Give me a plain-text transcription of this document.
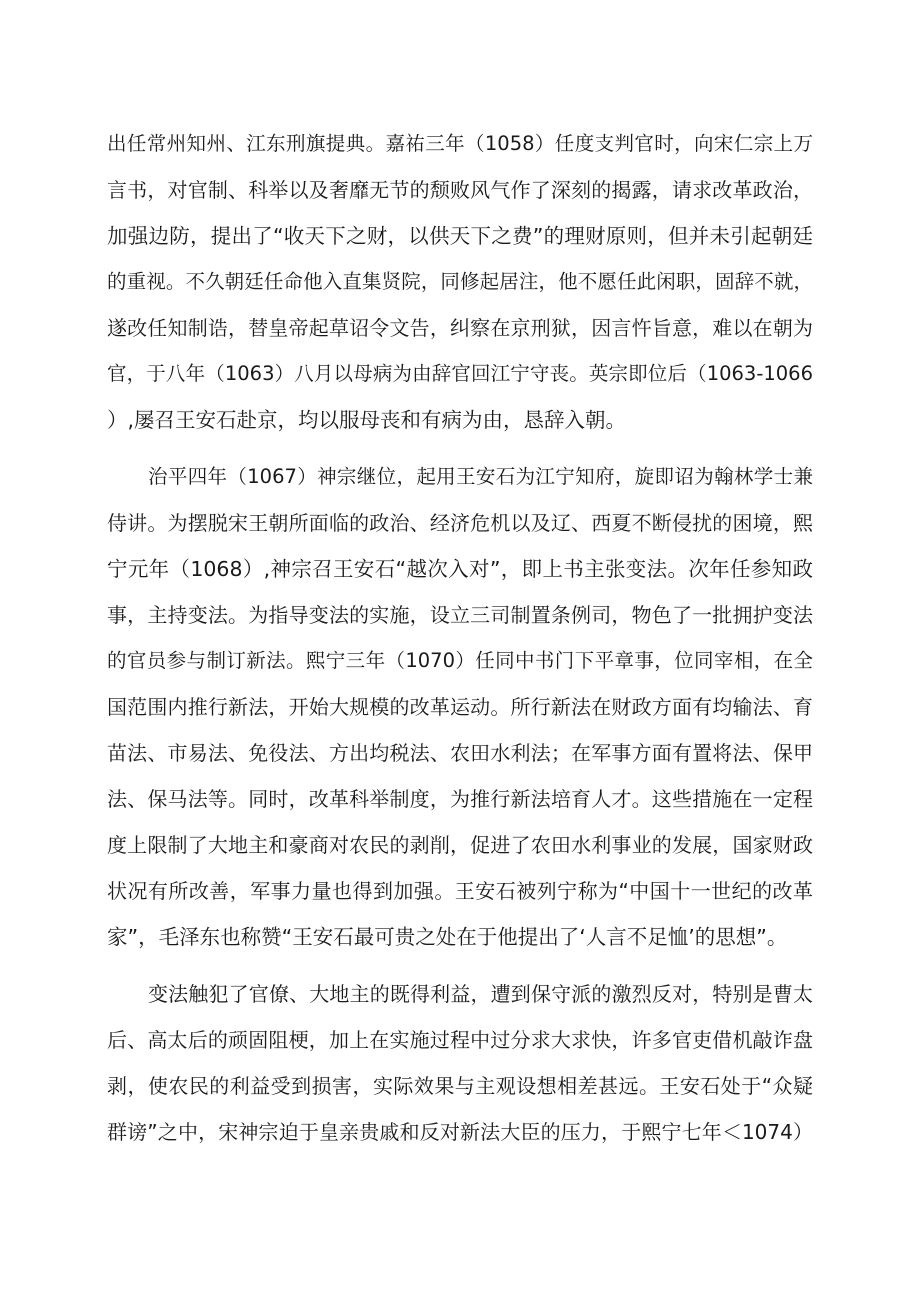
出任常州知州、江东刑旗提典。嘉祐三年（1058）任度支判官时，向宋仁宗上万

言书，对官制、科举以及奢靡无节的颓败风气作了深刻的揭露，请求改革政治，

加强边防，提出了“收天下之财，以供天下之费”的理财原则，但并未引起朝廷

的重视。不久朝廷任命他入直集贤院，同修起居注，他不愿任此闲职，固辞不就，

遂改任知制诰，替皇帝起草诏令文告，纠察在京刑狱，因言忤旨意，难以在朝为

官，于八年（1063）八月以母病为由辞官回江宁守丧。英宗即位后（1063-1066

）,屡召王安石赴京，均以服母丧和有病为由，恳辞入朝。

治平四年（1067）神宗继位，起用王安石为江宁知府，旋即诏为翰林学士兼

侍讲。为摆脱宋王朝所面临的政治、经济危机以及辽、西夏不断侵扰的困境，熙

宁元年（1068）,神宗召王安石“越次入对”，即上书主张变法。次年任参知政

事，主持变法。为指导变法的实施，设立三司制置条例司，物色了一批拥护变法

的官员参与制订新法。熙宁三年（1070）任同中书门下平章事，位同宰相，在全

国范围内推行新法，开始大规模的改革运动。所行新法在财政方面有均输法、育

苗法、市易法、免役法、方出均税法、农田水利法；在军事方面有置将法、保甲

法、保马法等。同时，改革科举制度，为推行新法培育人才。这些措施在一定程

度上限制了大地主和豪商对农民的剥削，促进了农田水利事业的发展，国家财政

状况有所改善，军事力量也得到加强。王安石被列宁称为“中国十一世纪的改革

家”，毛泽东也称赞“王安石最可贵之处在于他提出了‘人言不足恤’的思想”。

变法触犯了官僚、大地主的既得利益，遭到保守派的激烈反对，特别是曹太

后、高太后的顽固阻梗，加上在实施过程中过分求大求快，许多官吏借机敲诈盘

剥，使农民的利益受到损害，实际效果与主观设想相差甚远。王安石处于“众疑

群谤”之中，宋神宗迫于皇亲贵戚和反对新法大臣的压力，于熙宁七年＜1074）
